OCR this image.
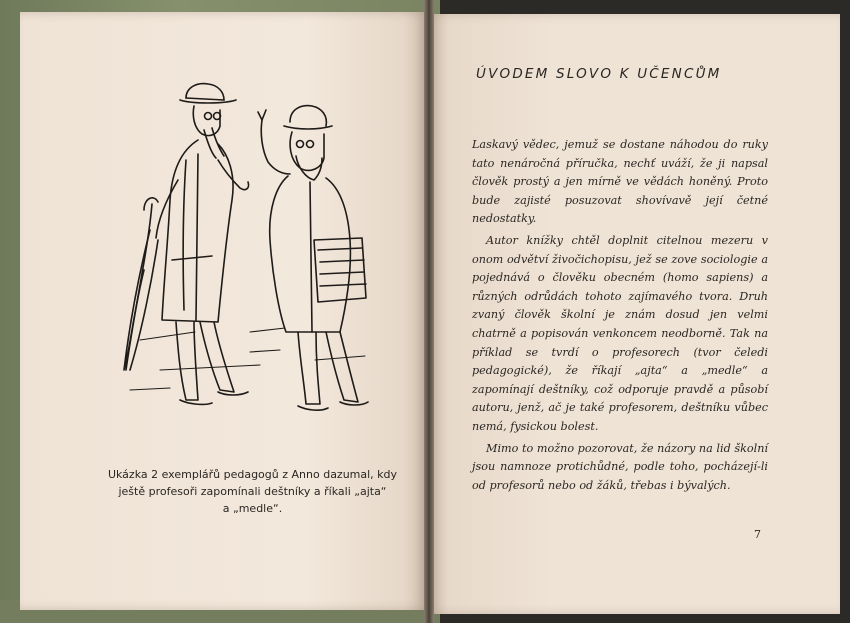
Ukázka 2 exemplářů pedagogů z Anno dazumal, kdy
ještě profesoři zapomínali deštníky a říkali „ajta“
a „medle“.
ÚVODEM SLOVO K UČENCŮM

Laskavý vědec, jemuž se dostane náhodou do ruky tato nenáročná příručka, nechť uváží, že ji napsal člověk prostý a jen mírně ve vědách honěný. Proto bude zajisté posuzovat shovívavě její četné nedostatky.

Autor knížky chtěl doplnit citelnou mezeru v onom odvětví živočichopisu, jež se zove sociologie a pojednává o člověku obecném (homo sapiens) a různých odrůdách tohoto zajímavého tvora. Druh zvaný člověk školní je znám dosud jen velmi chatrně a popisován venkoncem neodborně. Tak na příklad se tvrdí o profesorech (tvor čeledi pedagogické), že říkají „ajta“ a „medle“ a zapomínají deštníky, což odporuje pravdě a působí autoru, jenž, ač je také profesorem, deštníku vůbec nemá, fysickou bolest.

Mimo to možno pozorovat, že názory na lid školní jsou namnoze protichůdné, podle toho, pocházejí-li od profesorů nebo od žáků, třebas i bývalých.

7
